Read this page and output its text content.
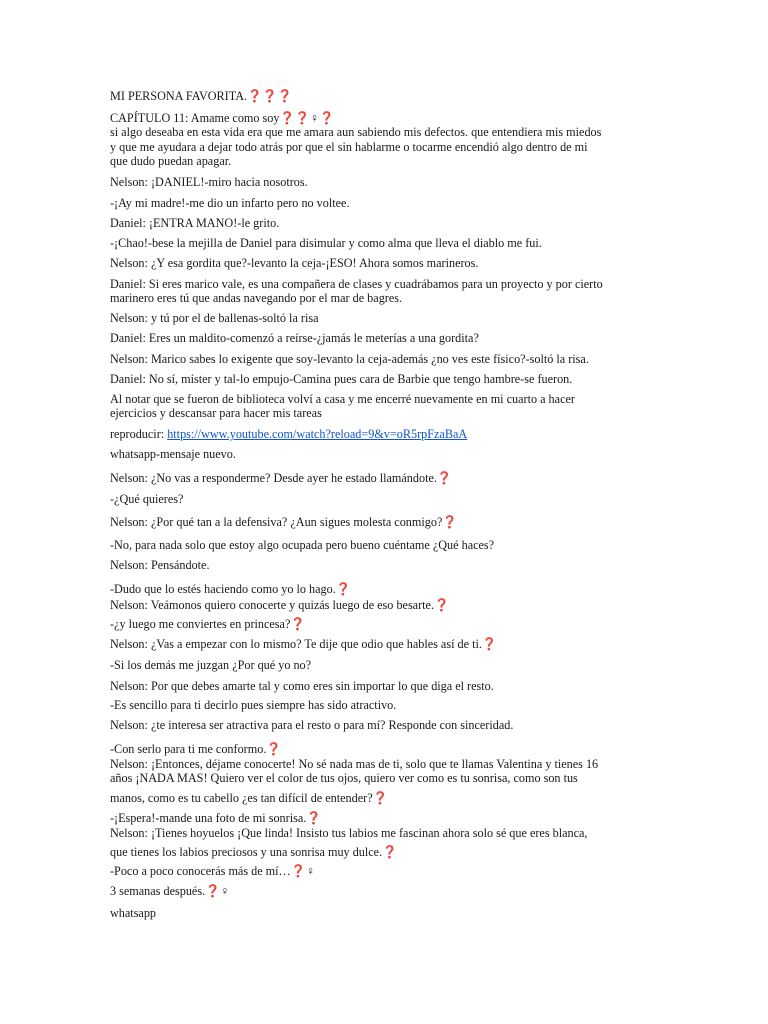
MI PERSONA FAVORITA.❓❓❓
CAPÍTULO 11: Amame como soy❓❓♀❓
si algo deseaba en esta vida era que me amara aun sabiendo mis defectos. que entendiera mis miedos
y que me ayudara a dejar todo atrás por que el sin hablarme o tocarme encendió algo dentro de mi
que dudo puedan apagar.
Nelson: ¡DANIEL!-miro hacia nosotros.
-¡Ay mi madre!-me dio un infarto pero no voltee.
Daniel: ¡ENTRA MANO!-le grito.
-¡Chao!-bese la mejilla de Daniel para disimular y como alma que lleva el diablo me fui.
Nelson: ¿Y esa gordita que?-levanto la ceja-¡ESO! Ahora somos marineros.
Daniel: Si eres marico vale, es una compañera de clases y cuadrábamos para un proyecto y por cierto
marinero eres tú que andas navegando por el mar de bagres.
Nelson: y tú por el de ballenas-soltó la risa
Daniel: Eres un maldito-comenzó a reírse-¿jamás le meterías a una gordita?
Nelson: Marico sabes lo exigente que soy-levanto la ceja-además ¿no ves este físico?-soltó la risa.
Daniel: No sí, míster y tal-lo empujo-Camina pues cara de Barbie que tengo hambre-se fueron.
Al notar que se fueron de biblioteca volví a casa y me encerré nuevamente en mi cuarto a hacer
ejercicios y descansar para hacer mis tareas
reproducir: https://www.youtube.com/watch?reload=9&v=oR5rpFzaBaA
whatsapp-mensaje nuevo.
Nelson: ¿No vas a responderme? Desde ayer he estado llamándote.❓
-¿Qué quieres?
Nelson: ¿Por qué tan a la defensiva? ¿Aun sigues molesta conmigo?❓
-No, para nada solo que estoy algo ocupada pero bueno cuéntame ¿Qué haces?
Nelson: Pensándote.
-Dudo que lo estés haciendo como yo lo hago.❓
Nelson: Veámonos quiero conocerte y quizás luego de eso besarte.❓
-¿y luego me conviertes en princesa?❓
Nelson: ¿Vas a empezar con lo mismo? Te dije que odio que hables así de ti.❓
-Si los demás me juzgan ¿Por qué yo no?
Nelson: Por que debes amarte tal y como eres sin importar lo que diga el resto.
-Es sencillo para ti decirlo pues siempre has sido atractivo.
Nelson: ¿te interesa ser atractiva para el resto o para mí? Responde con sinceridad.
-Con serlo para ti me conformo.❓
Nelson: ¡Entonces, déjame conocerte! No sé nada mas de ti, solo que te llamas Valentina y tienes 16
años ¡NADA MAS! Quiero ver el color de tus ojos, quiero ver como es tu sonrisa, como son tus
manos, como es tu cabello ¿es tan difícil de entender?❓
-¡Espera!-mande una foto de mi sonrisa.❓
Nelson: ¡Tienes hoyuelos ¡Que linda! Insisto tus labios me fascinan ahora solo sé que eres blanca,
que tienes los labios preciosos y una sonrisa muy dulce.❓
-Poco a poco conocerás más de mí…❓♀
3 semanas después.❓♀
whatsapp
